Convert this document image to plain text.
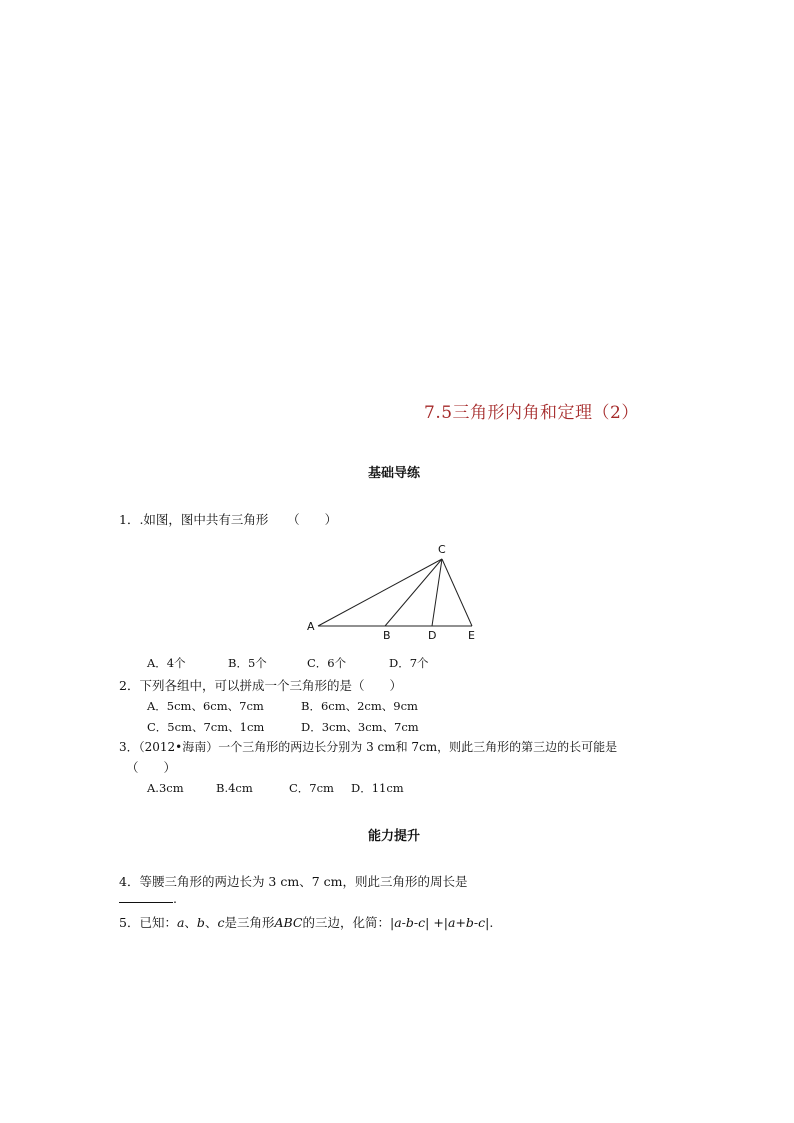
7.5三角形内角和定理（2）
基础导练
1．.如图，图中共有三角形　　（　　）
C
A
B	D	E
A．4个	B．5个	C．6个	D．7个
2．下列各组中，可以拼成一个三角形的是（　　）
A．5cm、6cm、7cm	B．6cm、2cm、9cm
C．5cm、7cm、1cm	D．3cm、3cm、7cm
3．（2012•海南）一个三角形的两边长分别为 3 cm和 7cm，则此三角形的第三边的长可能是
（　　）
A.3cm	B.4cm	C．7cm D．11cm
能力提升
4．等腰三角形的两边长为 3 cm、7 cm，则此三角形的周长是
.
5．已知：a、b、c是三角形ABC的三边，化简：|a-b-c| +|a+b-c|.
